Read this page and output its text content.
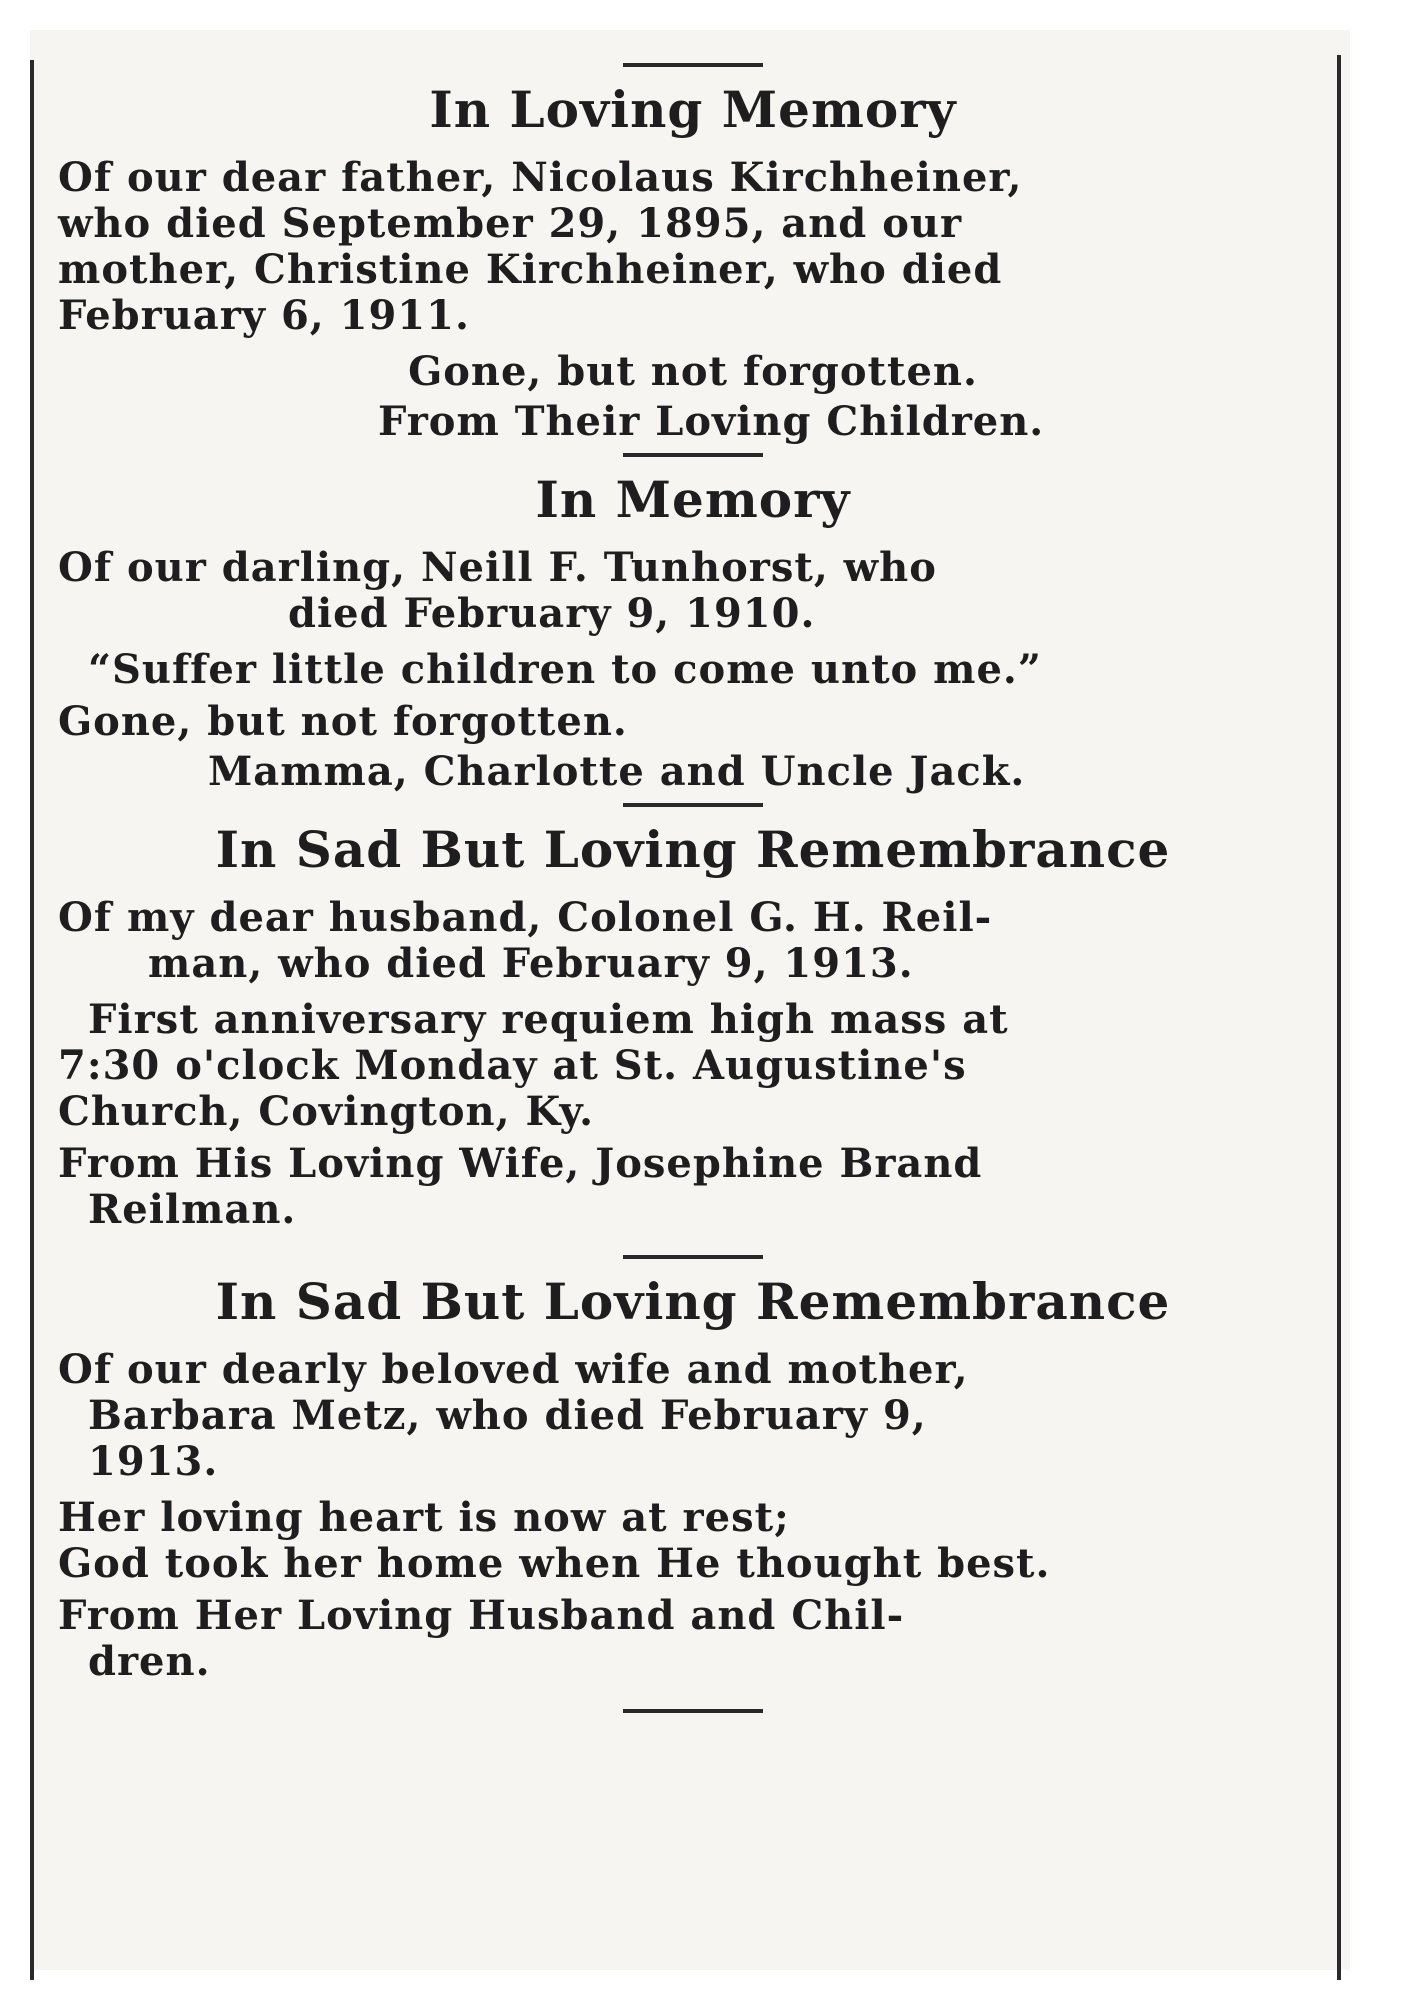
In Loving Memory

Of our dear father, Nicolaus Kirchheiner,
who died September 29, 1895, and our
mother, Christine Kirchheiner, who died
February 6, 1911.

Gone, but not forgotten.

From Their Loving Children.

In Memory

Of our darling, Neill F. Tunhorst, who
died February 9, 1910.

“Suffer little children to come unto me.”

Gone, but not forgotten.

Mamma, Charlotte and Uncle Jack.

In Sad But Loving Remembrance

Of my dear husband, Colonel G. H. Reil-
man, who died February 9, 1913.

First anniversary requiem high mass at
7:30 o'clock Monday at St. Augustine's
Church, Covington, Ky.

From His Loving Wife, Josephine Brand
Reilman.

In Sad But Loving Remembrance

Of our dearly beloved wife and mother,
Barbara Metz, who died February 9,
1913.

Her loving heart is now at rest;
God took her home when He thought best.

From Her Loving Husband and Chil-
dren.
